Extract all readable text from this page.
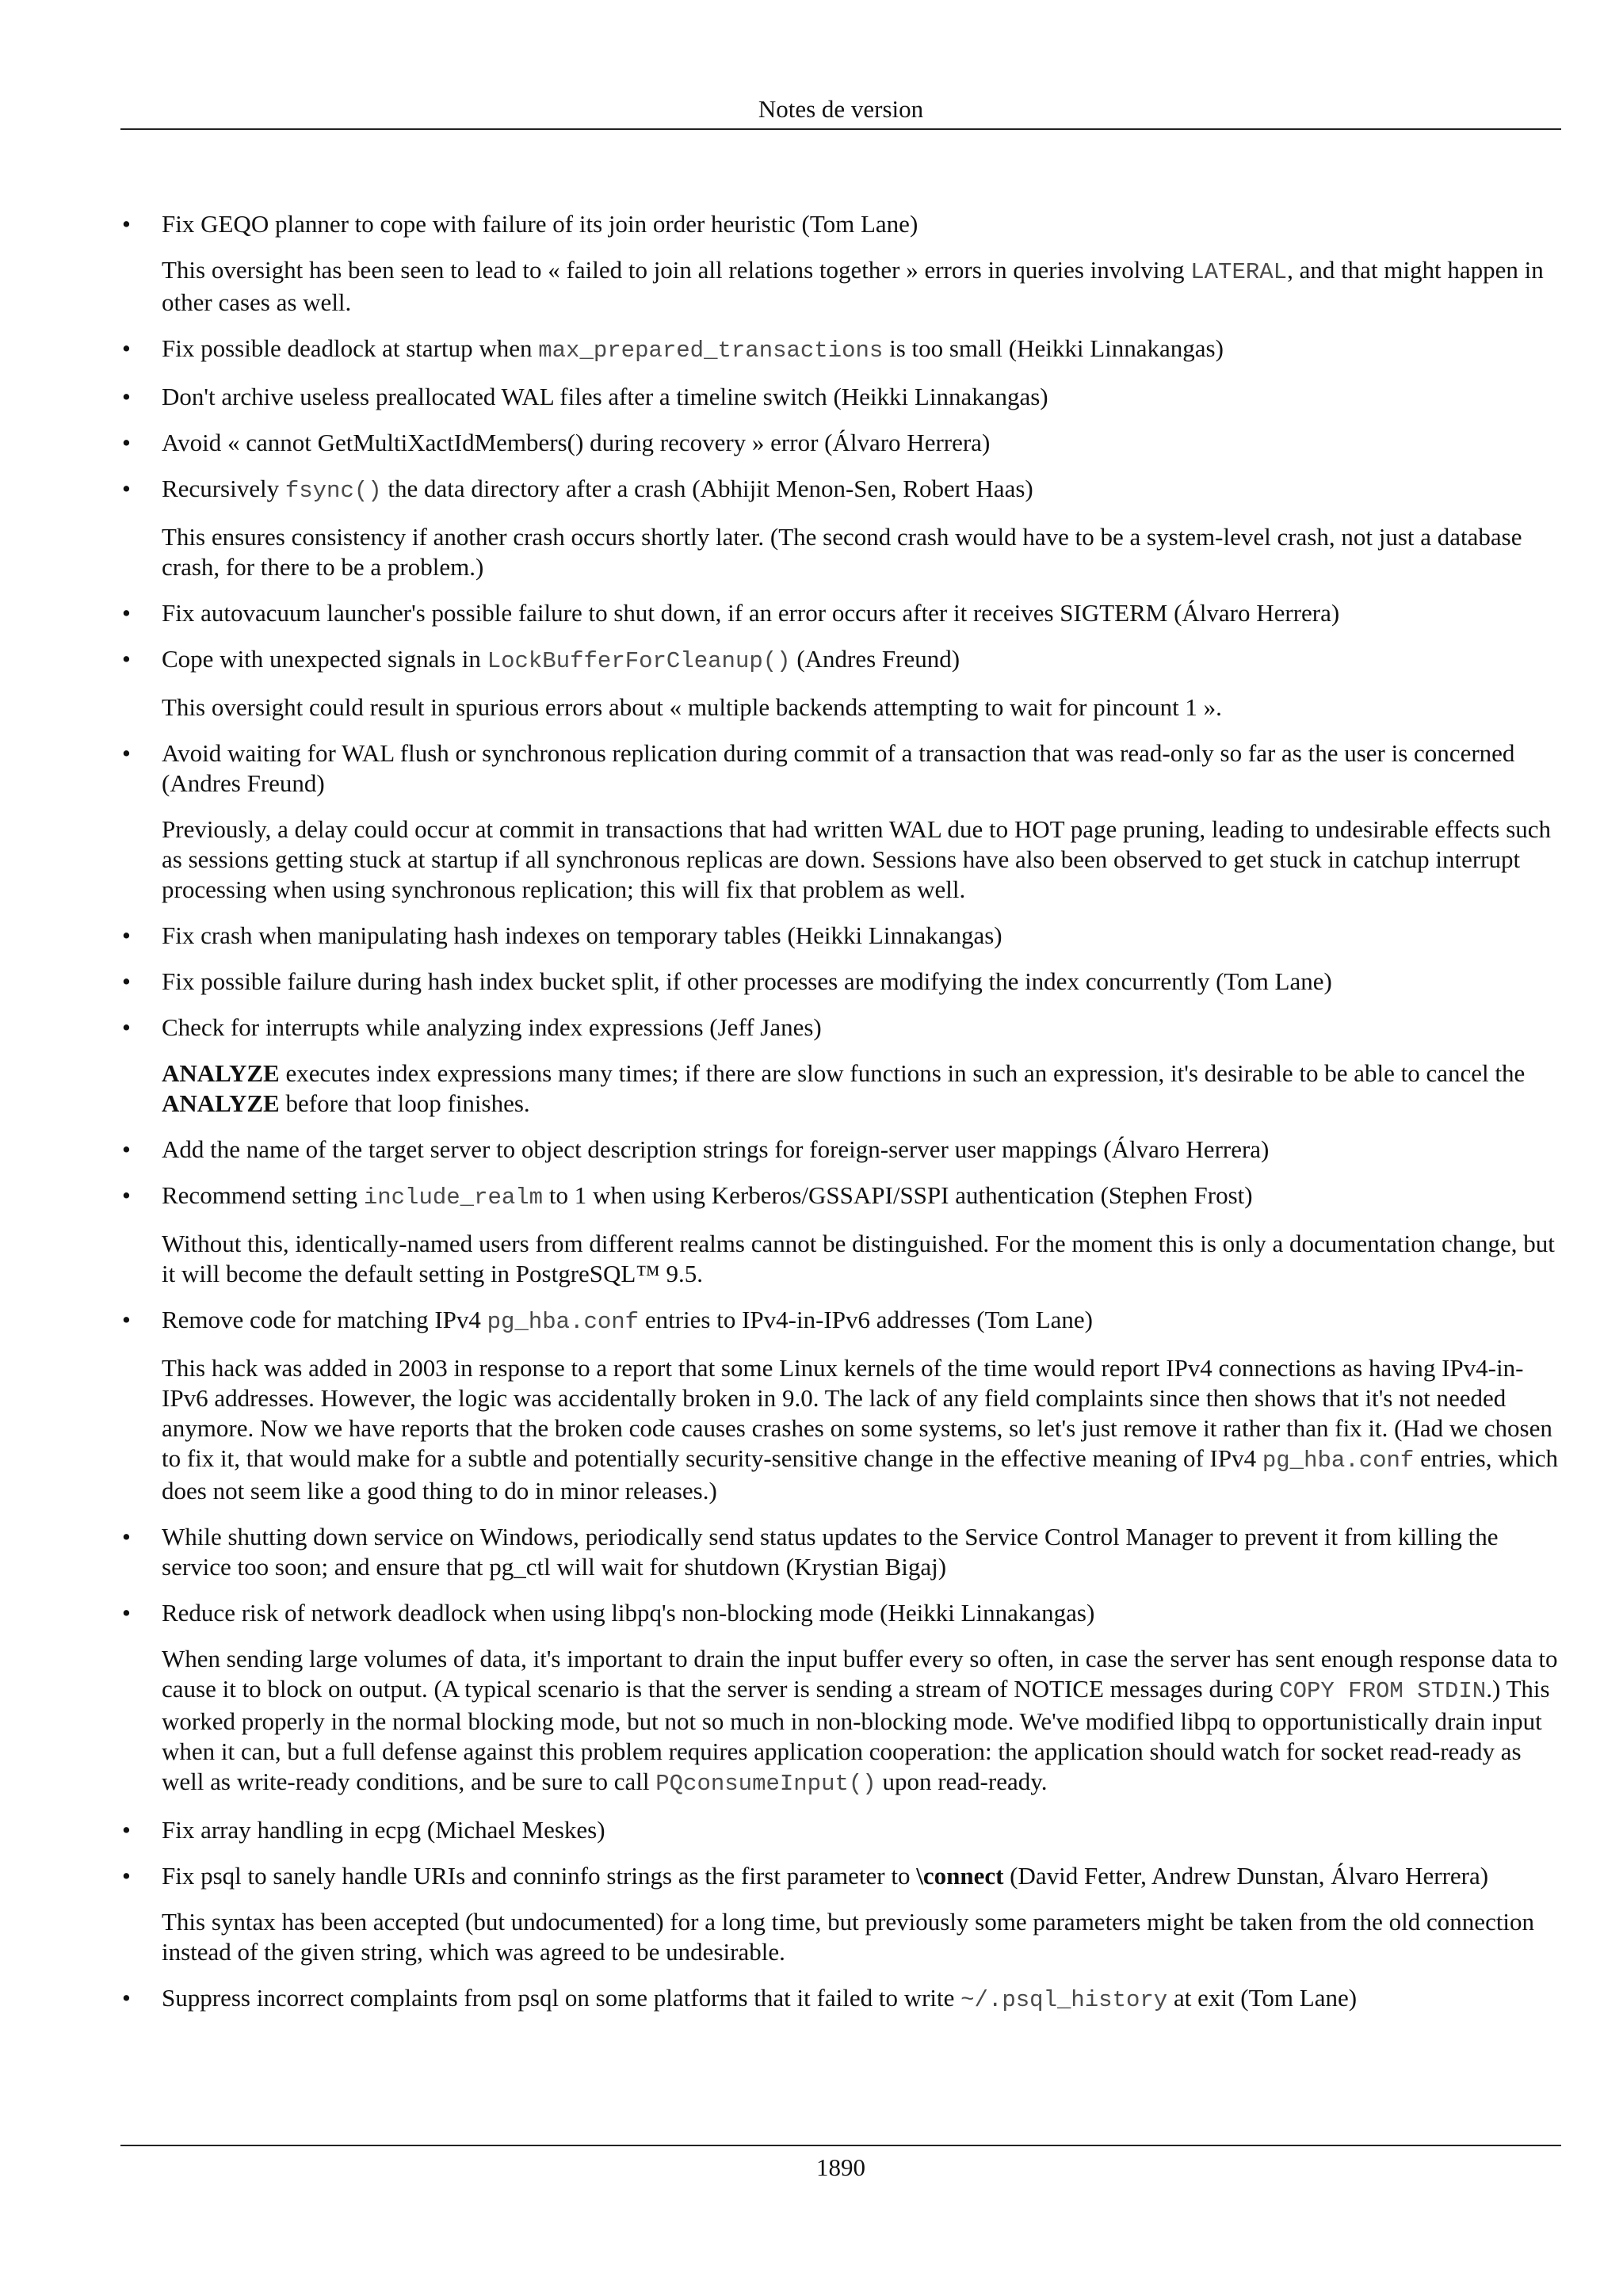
Notes de version
• Fix GEQO planner to cope with failure of its join order heuristic (Tom Lane)

This oversight has been seen to lead to « failed to join all relations together » errors in queries involving LATERAL, and that might happen in other cases as well.

• Fix possible deadlock at startup when max_prepared_transactions is too small (Heikki Linnakangas)

• Don't archive useless preallocated WAL files after a timeline switch (Heikki Linnakangas)

• Avoid « cannot GetMultiXactIdMembers() during recovery » error (Álvaro Herrera)

• Recursively fsync() the data directory after a crash (Abhijit Menon-Sen, Robert Haas)

This ensures consistency if another crash occurs shortly later. (The second crash would have to be a system-level crash, not just a database crash, for there to be a problem.)

• Fix autovacuum launcher's possible failure to shut down, if an error occurs after it receives SIGTERM (Álvaro Herrera)

• Cope with unexpected signals in LockBufferForCleanup() (Andres Freund)

This oversight could result in spurious errors about « multiple backends attempting to wait for pincount 1 ».

• Avoid waiting for WAL flush or synchronous replication during commit of a transaction that was read-only so far as the user is concerned (Andres Freund)

Previously, a delay could occur at commit in transactions that had written WAL due to HOT page pruning, leading to undesirable effects such as sessions getting stuck at startup if all synchronous replicas are down. Sessions have also been observed to get stuck in catchup interrupt processing when using synchronous replication; this will fix that problem as well.

• Fix crash when manipulating hash indexes on temporary tables (Heikki Linnakangas)

• Fix possible failure during hash index bucket split, if other processes are modifying the index concurrently (Tom Lane)

• Check for interrupts while analyzing index expressions (Jeff Janes)

ANALYZE executes index expressions many times; if there are slow functions in such an expression, it's desirable to be able to cancel the ANALYZE before that loop finishes.

• Add the name of the target server to object description strings for foreign-server user mappings (Álvaro Herrera)

• Recommend setting include_realm to 1 when using Kerberos/GSSAPI/SSPI authentication (Stephen Frost)

Without this, identically-named users from different realms cannot be distinguished. For the moment this is only a documentation change, but it will become the default setting in PostgreSQL™ 9.5.

• Remove code for matching IPv4 pg_hba.conf entries to IPv4-in-IPv6 addresses (Tom Lane)

This hack was added in 2003 in response to a report that some Linux kernels of the time would report IPv4 connections as having IPv4-in-IPv6 addresses. However, the logic was accidentally broken in 9.0. The lack of any field complaints since then shows that it's not needed anymore. Now we have reports that the broken code causes crashes on some systems, so let's just remove it rather than fix it. (Had we chosen to fix it, that would make for a subtle and potentially security-sensitive change in the effective meaning of IPv4 pg_hba.conf entries, which does not seem like a good thing to do in minor releases.)

• While shutting down service on Windows, periodically send status updates to the Service Control Manager to prevent it from killing the service too soon; and ensure that pg_ctl will wait for shutdown (Krystian Bigaj)

• Reduce risk of network deadlock when using libpq's non-blocking mode (Heikki Linnakangas)

When sending large volumes of data, it's important to drain the input buffer every so often, in case the server has sent enough response data to cause it to block on output. (A typical scenario is that the server is sending a stream of NOTICE messages during COPY FROM STDIN.) This worked properly in the normal blocking mode, but not so much in non-blocking mode. We've modified libpq to opportunistically drain input when it can, but a full defense against this problem requires application cooperation: the application should watch for socket read-ready as well as write-ready conditions, and be sure to call PQconsumeInput() upon read-ready.

• Fix array handling in ecpg (Michael Meskes)

• Fix psql to sanely handle URIs and conninfo strings as the first parameter to \connect (David Fetter, Andrew Dunstan, Álvaro Herrera)

This syntax has been accepted (but undocumented) for a long time, but previously some parameters might be taken from the old connection instead of the given string, which was agreed to be undesirable.

• Suppress incorrect complaints from psql on some platforms that it failed to write ~/.psql_history at exit (Tom Lane)

1890
